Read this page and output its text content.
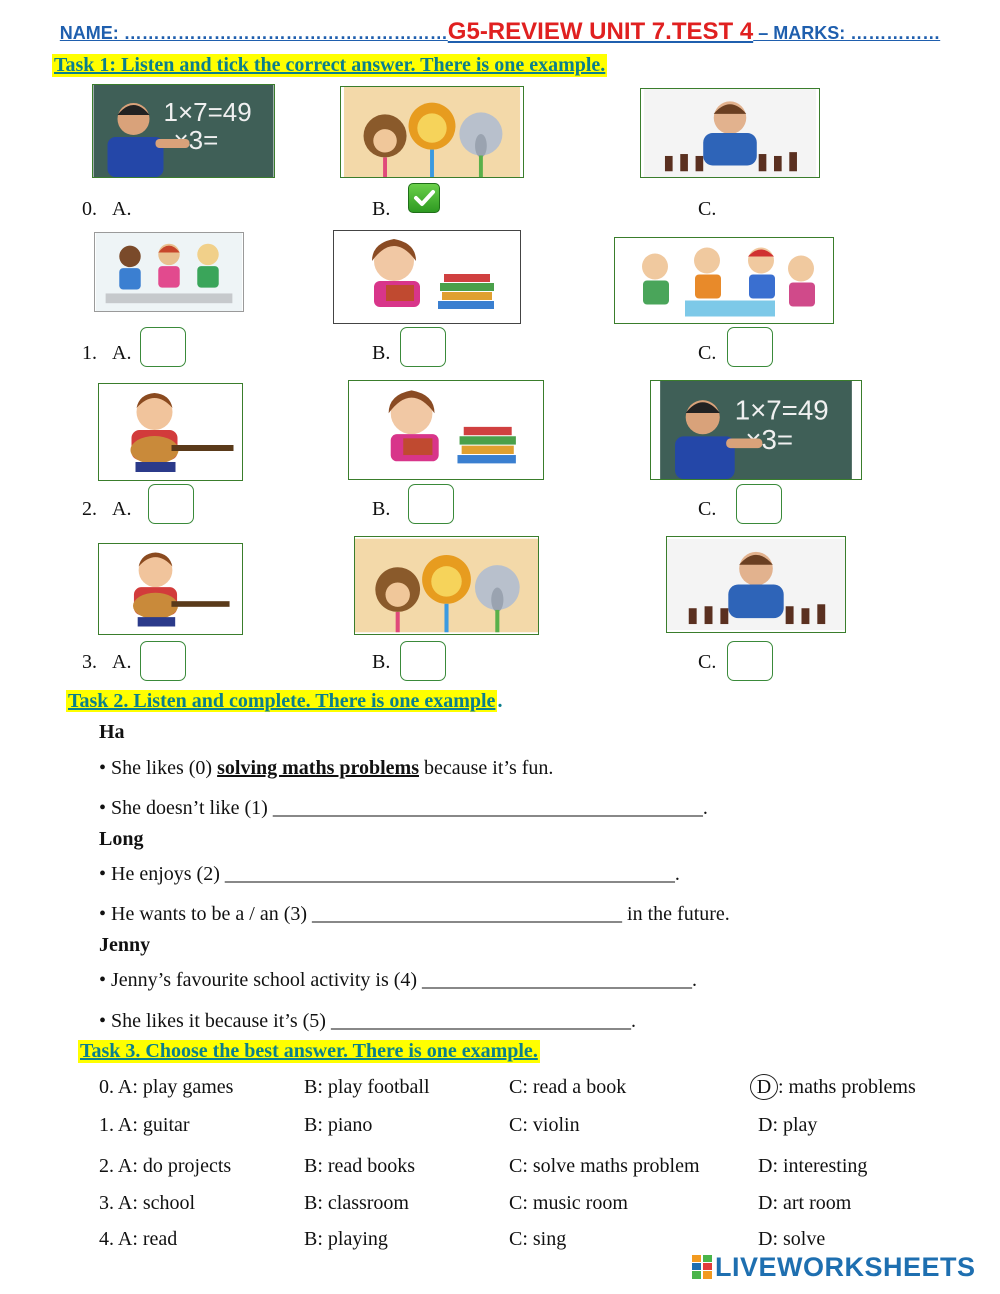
NAME: ………………………………………………G5-REVIEW UNIT 7.TEST 4 – MARKS: ……………
Task 1: Listen and tick the correct answer. There is one example.
0. A.	B.	C.
1. A.	B.	C.
2. A.	B.	C.
3. A.	B.	C.
Task 2. Listen and complete. There is one example .
Ha
• She likes (0) solving maths problems because it’s fun.
• She doesn’t like (1) ___________________________________________.
Long
• He enjoys (2) _____________________________________________.
• He wants to be a / an (3) _______________________________ in the future.
Jenny
• Jenny’s favourite school activity is (4) ___________________________.
• She likes it because it’s (5) ______________________________.
Task 3. Choose the best answer. There is one example.
0. A: play games	B: play football	C: read a book	D : maths problems
1. A: guitar	B: piano	C: violin	D: play
2. A: do projects	B: read books	C: solve maths problem	D: interesting
3. A: school	B: classroom	C: music room	D: art room
4. A: read	B: playing	C: sing	D: solve
LIVEWORKSHEETS
